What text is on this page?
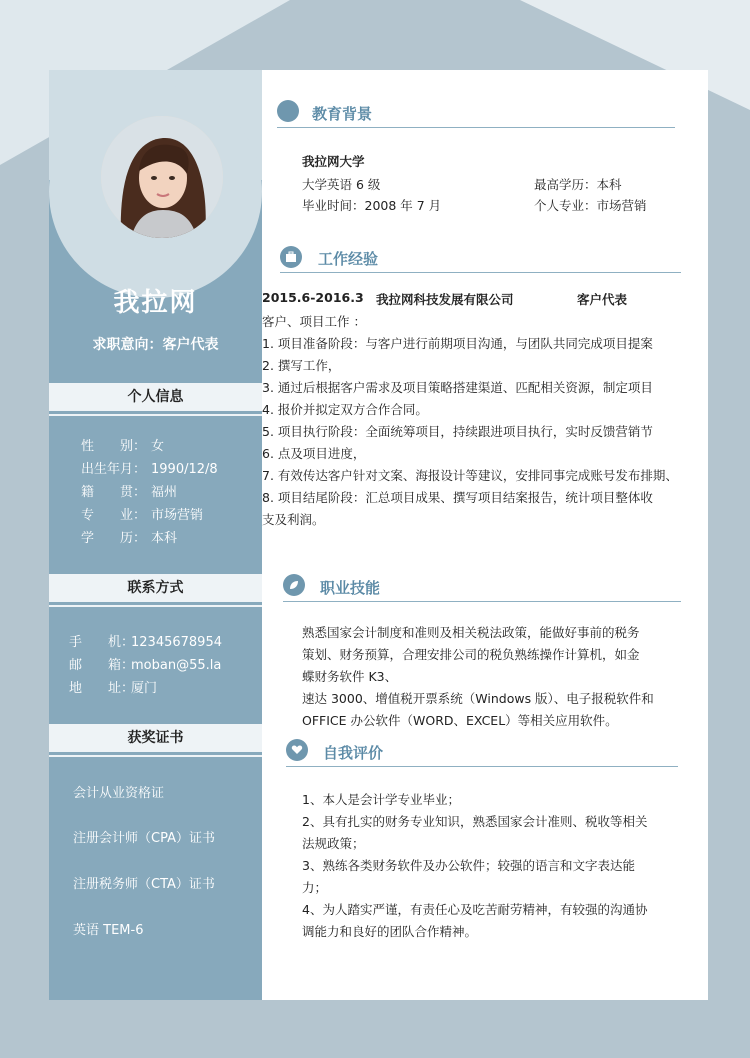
我拉网
求职意向：客户代表
个人信息
性　　别： 女
出生年月： 1990/12/8
籍　　贯： 福州
专　　业： 市场营销
学　　历： 本科
联系方式
手　　机：12345678954
邮　　箱：moban@55.la
地　　址：厦门
获奖证书
会计从业资格证
注册会计师（CPA）证书
注册税务师（CTA）证书
英语 TEM-6
教育背景
我拉网大学
大学英语 6 级	最高学历：本科
毕业时间：2008 年 7 月	个人专业：市场营销
工作经验
2015.6-2016.3 我拉网科技发展有限公司	客户代表
客户、项目工作 ：
1. 项目准备阶段：与客户进行前期项目沟通，与团队共同完成项目提案
2. 撰写工作，
3. 通过后根据客户需求及项目策略搭建渠道、匹配相关资源，制定项目
4. 报价并拟定双方合作合同。
5. 项目执行阶段：全面统筹项目，持续跟进项目执行，实时反馈营销节
6. 点及项目进度，
7. 有效传达客户针对文案、海报设计等建议，安排同事完成账号发布排期、
8. 项目结尾阶段：汇总项目成果、撰写项目结案报告，统计项目整体收
支及利润。
职业技能
熟悉国家会计制度和准则及相关税法政策，能做好事前的税务
策划、财务预算，合理安排公司的税负熟练操作计算机，如金
蝶财务软件 K3、
速达 3000、增值税开票系统（Windows 版）、电子报税软件和
OFFICE 办公软件（WORD、EXCEL）等相关应用软件。
自我评价
1、本人是会计学专业毕业；
2、具有扎实的财务专业知识，熟悉国家会计准则、税收等相关
法规政策；
3、熟练各类财务软件及办公软件；较强的语言和文字表达能
力；
4、为人踏实严谨，有责任心及吃苦耐劳精神，有较强的沟通协
调能力和良好的团队合作精神。
